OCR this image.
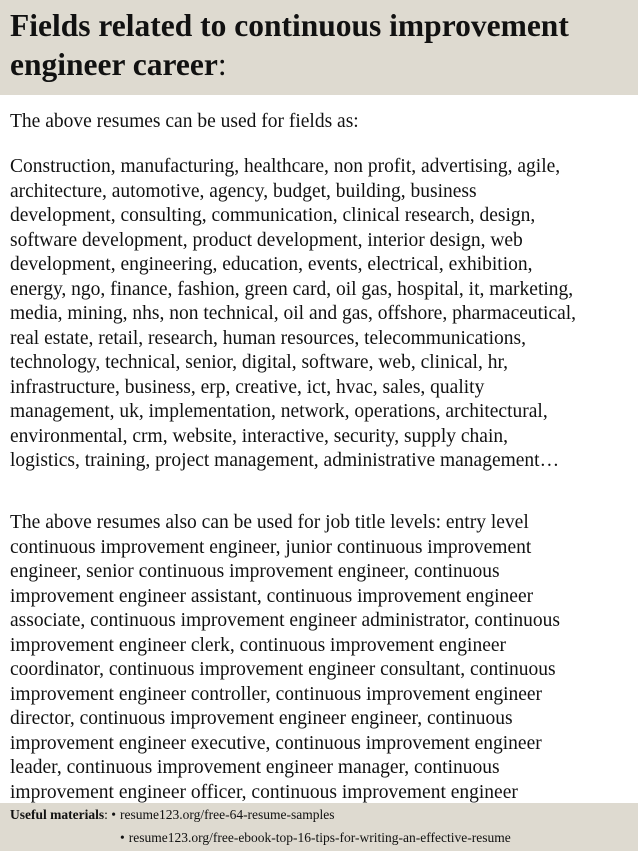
Fields related to continuous improvement
engineer career:

The above resumes can be used for fields as:

Construction, manufacturing, healthcare, non profit, advertising, agile,
architecture, automotive, agency, budget, building, business
development, consulting, communication, clinical research, design,
software development, product development, interior design, web
development, engineering, education, events, electrical, exhibition,
energy, ngo, finance, fashion, green card, oil gas, hospital, it, marketing,
media, mining, nhs, non technical, oil and gas, offshore, pharmaceutical,
real estate, retail, research, human resources, telecommunications,
technology, technical, senior, digital, software, web, clinical, hr,
infrastructure, business, erp, creative, ict, hvac, sales, quality
management, uk, implementation, network, operations, architectural,
environmental, crm, website, interactive, security, supply chain,
logistics, training, project management, administrative management…

The above resumes also can be used for job title levels: entry level
continuous improvement engineer, junior continuous improvement
engineer, senior continuous improvement engineer, continuous
improvement engineer assistant, continuous improvement engineer
associate, continuous improvement engineer administrator, continuous
improvement engineer clerk, continuous improvement engineer
coordinator, continuous improvement engineer consultant, continuous
improvement engineer controller, continuous improvement engineer
director, continuous improvement engineer engineer, continuous
improvement engineer executive, continuous improvement engineer
leader, continuous improvement engineer manager, continuous
improvement engineer officer, continuous improvement engineer

Useful materials: • resume123.org/free-64-resume-samples
• resume123.org/free-ebook-top-16-tips-for-writing-an-effective-resume
